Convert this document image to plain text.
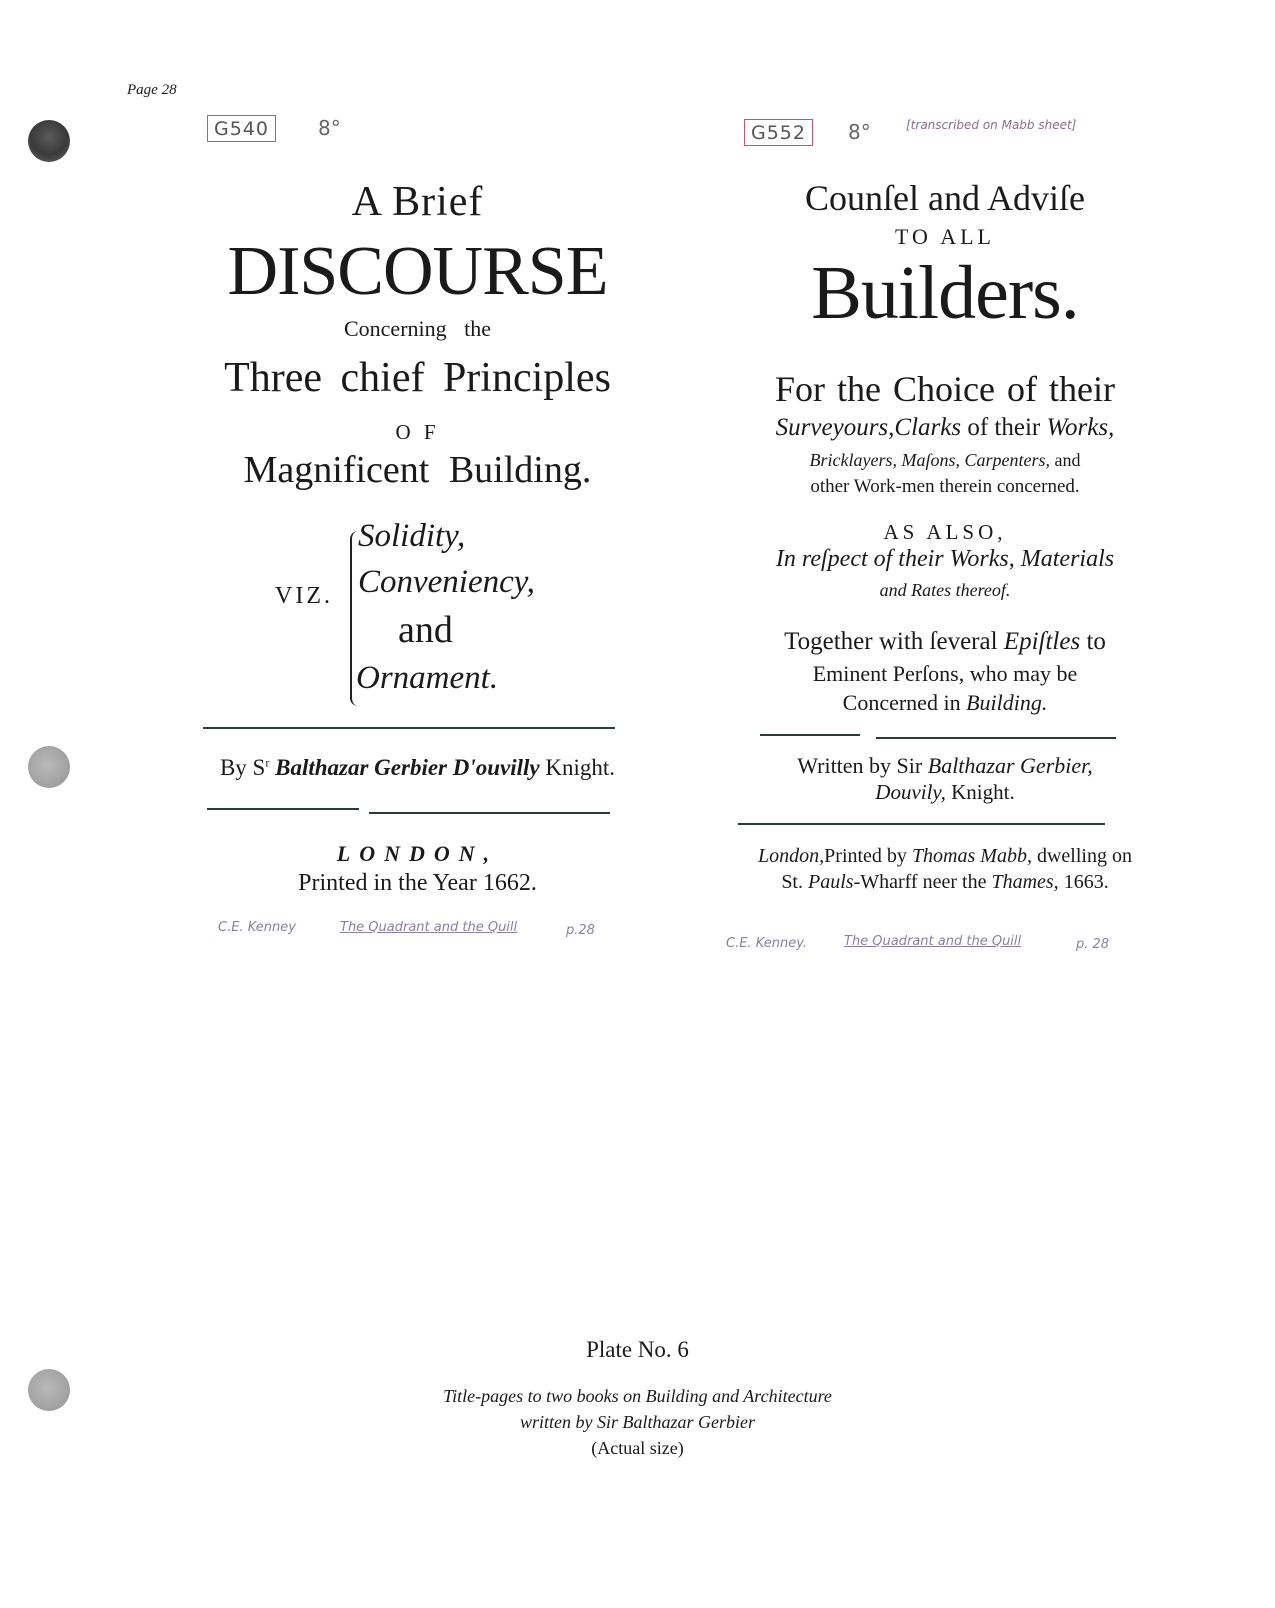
Page 28
G540	8°
A Brief
DISCOURSE
Concerning the
Three chief Principles
O F
Magnificent Building.
VIZ.
Solidity,
Conveniency,
and
Ornament.
By $S^r$ Balthazar Gerbier D'ouvilly Knight.
LONDON,
Printed in the Year 1662.
C.E. Kenney	The Quadrant and the Quill	p.28
G552	8°	[transcribed on Mabb sheet]
Counſel and Adviſe
TO ALL
Builders.
For the Choice of their
Surveyours,Clarks of their Works,
Bricklayers, Maſons, Carpenters, and
other Work-men therein concerned.
AS ALSO,
In reſpect of their Works, Materials
and Rates thereof.
Together with ſeveral Epiſtles to
Eminent Perſons, who may be
Concerned in Building.
Written by Sir Balthazar Gerbier,
Douvily, Knight.
London,Printed by Thomas Mabb, dwelling on
St. Pauls-Wharff neer the Thames, 1663.
C.E. Kenney.	The Quadrant and the Quill	p. 28
Plate No. 6
Title-pages to two books on Building and Architecture
written by Sir Balthazar Gerbier
(Actual size)
